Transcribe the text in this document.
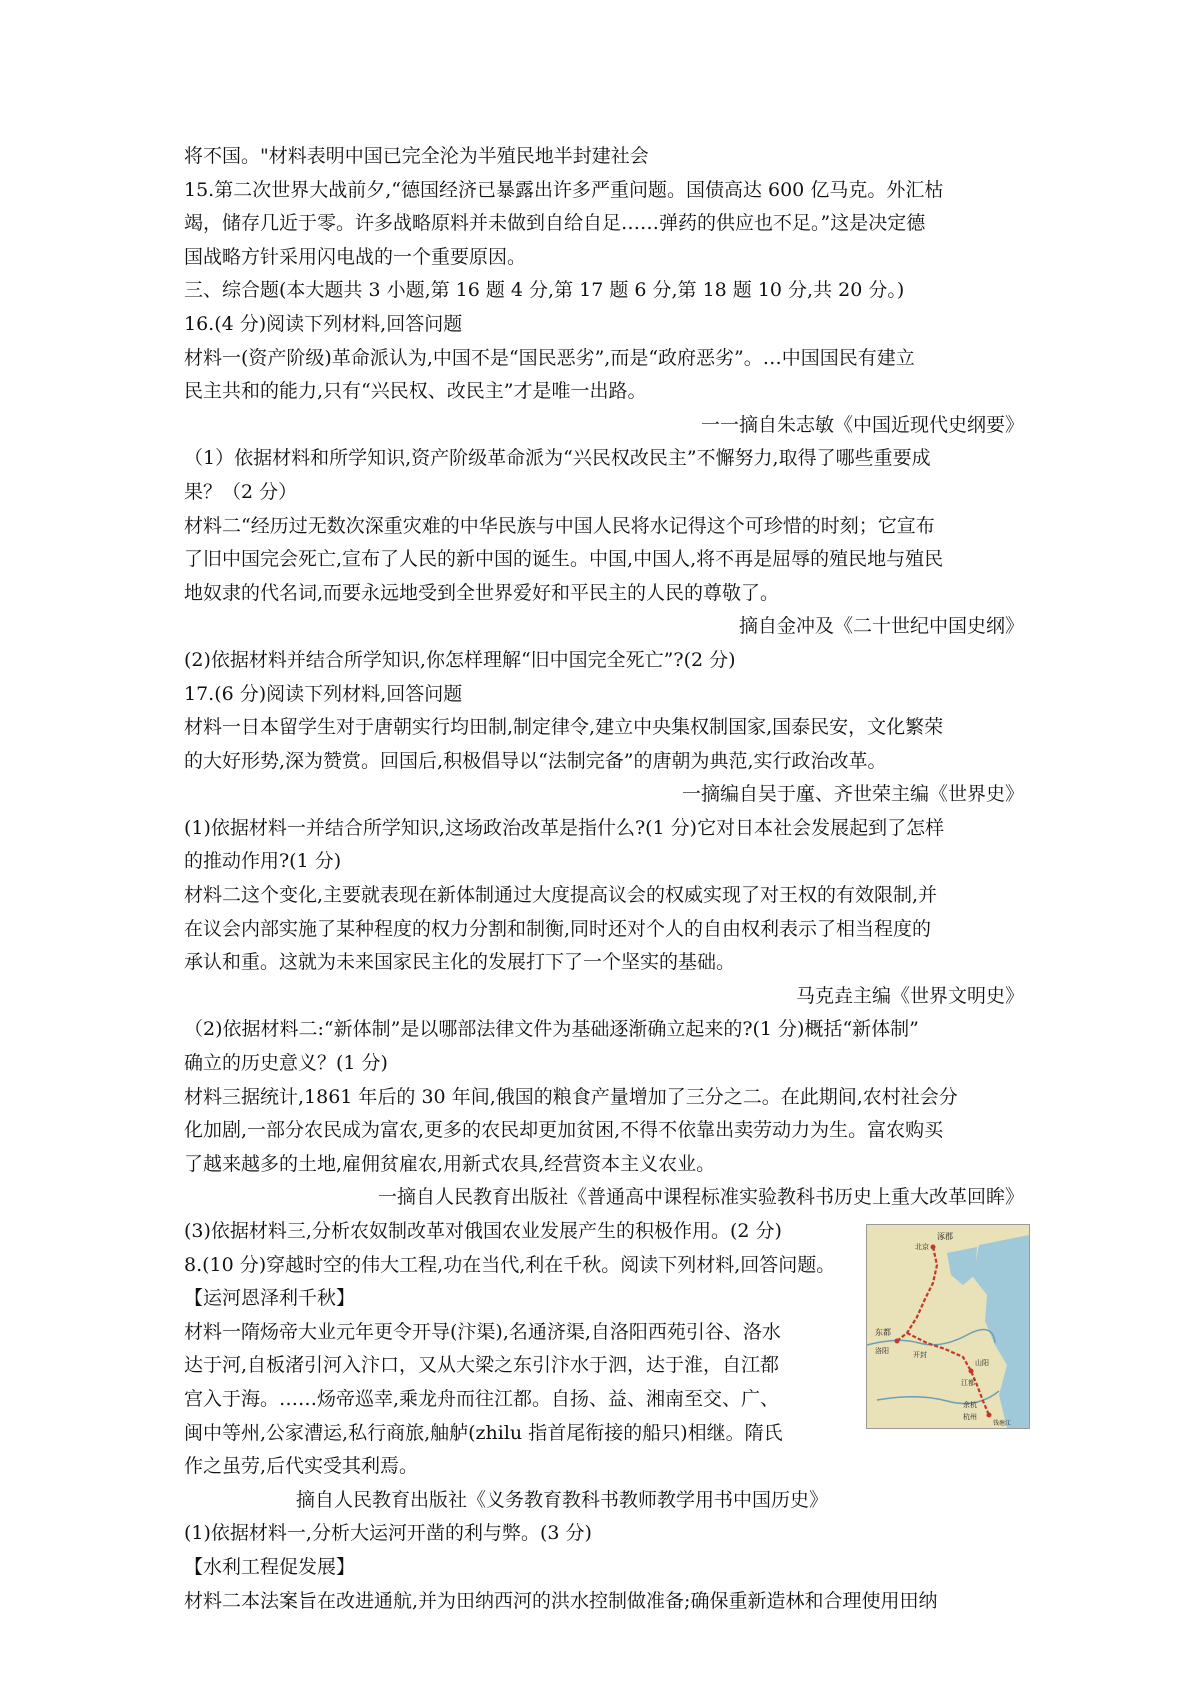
将不国。"材料表明中国已完全沦为半殖民地半封建社会

15.第二次世界大战前夕,“德国经济已暴露出许多严重问题。国债高达 600 亿马克。外汇枯

竭，储存几近于零。许多战略原料并未做到自给自足……弹药的供应也不足。”这是决定德

国战略方针采用闪电战的一个重要原因。

三、综合题(本大题共 3 小题,第 16 题 4 分,第 17 题 6 分,第 18 题 10 分,共 20 分。)

16.(4 分)阅读下列材料,回答问题

材料一(资产阶级)革命派认为,中国不是“国民恶劣”,而是“政府恶劣”。…中国国民有建立

民主共和的能力,只有“兴民权、改民主”才是唯一出路。

一一摘自朱志敏《中国近现代史纲要》

（1）依据材料和所学知识,资产阶级革命派为“兴民权改民主”不懈努力,取得了哪些重要成

果？（2 分）

材料二“经历过无数次深重灾难的中华民族与中国人民将水记得这个可珍惜的时刻；它宣布

了旧中国完会死亡,宣布了人民的新中国的诞生。中国,中国人,将不再是屈辱的殖民地与殖民

地奴隶的代名词,而要永远地受到全世界爱好和平民主的人民的尊敬了。

摘自金冲及《二十世纪中国史纲》

(2)依据材料并结合所学知识,你怎样理解“旧中国完全死亡”?(2 分)

17.(6 分)阅读下列材料,回答问题

材料一日本留学生对于唐朝实行均田制,制定律令,建立中央集权制国家,国泰民安，文化繁荣

的大好形势,深为赞赏。回国后,积极倡导以“法制完备”的唐朝为典范,实行政治改革。

一摘编自吴于廑、齐世荣主编《世界史》

(1)依据材料一并结合所学知识,这场政治改革是指什么?(1 分)它对日本社会发展起到了怎样

的推动作用?(1 分)

材料二这个变化,主要就表现在新体制通过大度提高议会的权威实现了对王权的有效限制,并

在议会内部实施了某种程度的权力分割和制衡,同时还对个人的自由权利表示了相当程度的

承认和重。这就为未来国家民主化的发展打下了一个坚实的基础。

马克垚主编《世界文明史》

（2)依据材料二:“新体制”是以哪部法律文件为基础逐渐确立起来的?(1 分)概括“新体制”

确立的历史意义？(1 分)

材料三据统计,1861 年后的 30 年间,俄国的粮食产量增加了三分之二。在此期间,农村社会分

化加剧,一部分农民成为富农,更多的农民却更加贫困,不得不依靠出卖劳动力为生。富农购买

了越来越多的土地,雇佣贫雇农,用新式农具,经营资本主义农业。

一摘自人民教育出版社《普通高中课程标准实验教科书历史上重大改革回眸》

(3)依据材料三,分析农奴制改革对俄国农业发展产生的积极作用。(2 分)

8.(10 分)穿越时空的伟大工程,功在当代,利在千秋。阅读下列材料,回答问题。

【运河恩泽利千秋】

材料一隋炀帝大业元年更令开导(汴渠),名通济渠,自洛阳西苑引谷、洛水

达于河,自板渚引河入汴口，又从大梁之东引汴水于泗，达于淮，自江都

宫入于海。……炀帝巡幸,乘龙舟而往江都。自扬、益、湘南至交、广、

闽中等州,公家漕运,私行商旅,舳舻(zhilu 指首尾衔接的船只)相继。隋氏

作之虽劳,后代实受其利焉。

摘自人民教育出版社《义务教育教科书教师教学用书中国历史》

(1)依据材料一,分析大运河开凿的利与弊。(3 分)

【水利工程促发展】

材料二本法案旨在改进通航,并为田纳西河的洪水控制做准备;确保重新造林和合理使用田纳

涿郡
北京
东都
洛阳	开封
山阳
江都
余杭
杭州
钱塘江
